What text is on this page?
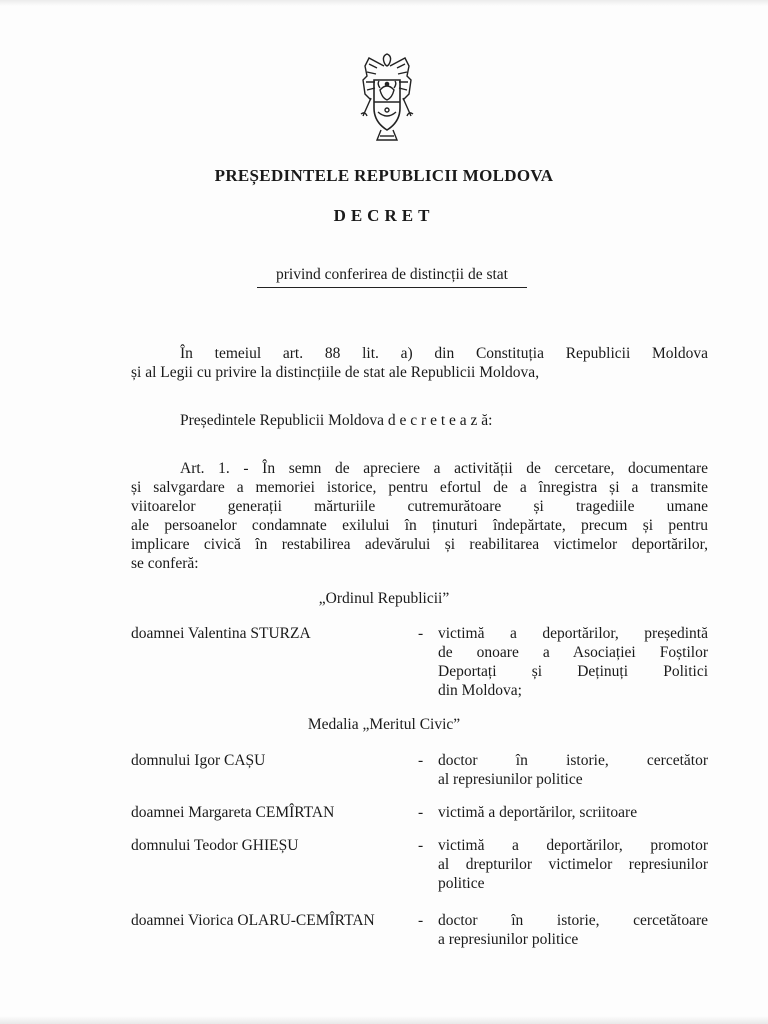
PREȘEDINTELE REPUBLICII MOLDOVA
DECRET
privind conferirea de distincții de stat
În temeiul art. 88 lit. a) din Constituția Republicii Moldova
și al Legii cu privire la distincțiile de stat ale Republicii Moldova,
Președintele Republicii Moldova d e c r e t e a z ă:
Art. 1. - În semn de apreciere a activității de cercetare, documentare
și salvgardare a memoriei istorice, pentru efortul de a înregistra și a transmite
viitoarelor generații mărturiile cutremurătoare și tragediile umane
ale persoanelor condamnate exilului în ținuturi îndepărtate, precum și pentru
implicare civică în restabilirea adevărului și reabilitarea victimelor deportărilor,
se conferă:
„Ordinul Republicii”
doamnei Valentina STURZA	- victimă a deportărilor, președintă
de onoare a Asociației Foștilor
Deportați și Deținuți Politici
din Moldova;
Medalia „Meritul Civic”
domnului Igor CAȘU	- doctor în istorie, cercetător
al represiunilor politice
doamnei Margareta CEMÎRTAN	- victimă a deportărilor, scriitoare
domnului Teodor GHIEȘU	- victimă a deportărilor, promotor
al drepturilor victimelor represiunilor
politice
doamnei Viorica OLARU-CEMÎRTAN	- doctor în istorie, cercetătoare
a represiunilor politice
